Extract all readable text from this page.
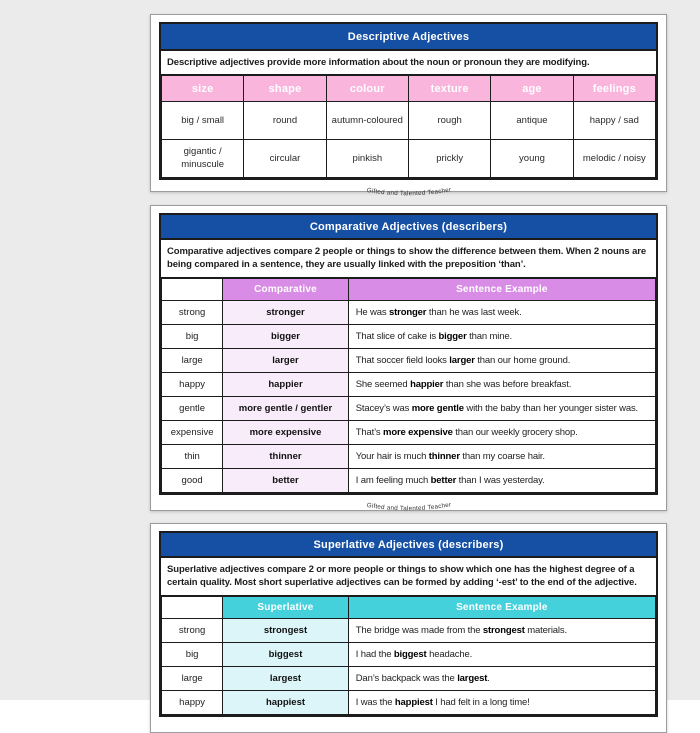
Descriptive Adjectives
Descriptive adjectives provide more information about the noun or pronoun they are modifying.
size	shape	colour	texture	age	feelings
big / small	round	autumn-coloured	rough	antique	happy / sad
gigantic / minuscule	circular	pinkish	prickly	young	melodic / noisy
Gifted and Talented Teacher
Comparative Adjectives (describers)
Comparative adjectives compare 2 people or things to show the difference between them. When 2 nouns are being compared in a sentence, they are usually linked with the preposition ‘than’.
	Comparative	Sentence Example
strong	stronger	He was stronger than he was last week.
big	bigger	That slice of cake is bigger than mine.
large	larger	That soccer field looks larger than our home ground.
happy	happier	She seemed happier than she was before breakfast.
gentle	more gentle / gentler	Stacey’s was more gentle with the baby than her younger sister was.
expensive	more expensive	That’s more expensive than our weekly grocery shop.
thin	thinner	Your hair is much thinner than my coarse hair.
good	better	I am feeling much better than I was yesterday.
Gifted and Talented Teacher
Superlative Adjectives (describers)
Superlative adjectives compare 2 or more people or things to show which one has the highest degree of a certain quality. Most short superlative adjectives can be formed by adding ‘-est’ to the end of the adjective.
	Superlative	Sentence Example
strong	strongest	The bridge was made from the strongest materials.
big	biggest	I had the biggest headache.
large	largest	Dan’s backpack was the largest.
happy	happiest	I was the happiest I had felt in a long time!
